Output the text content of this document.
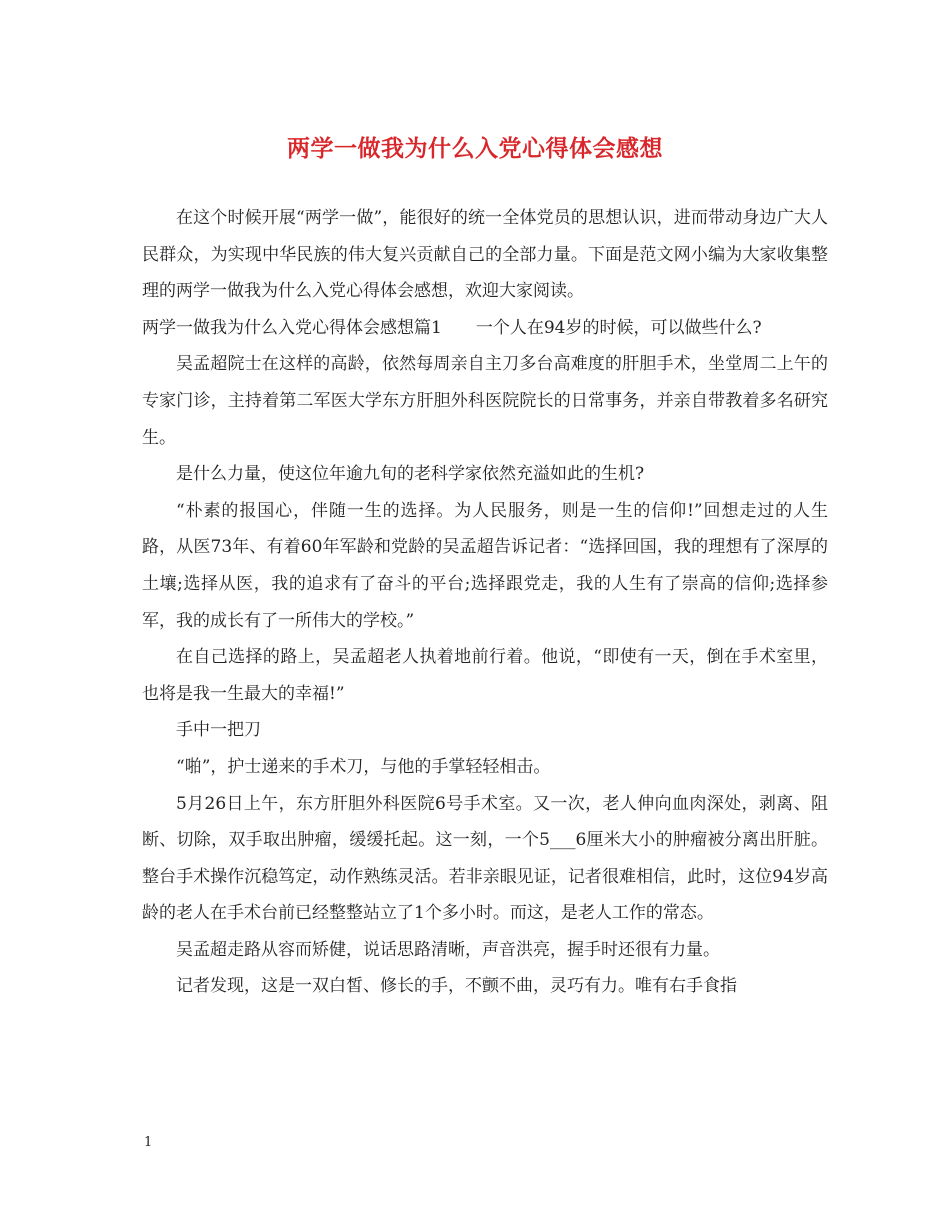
两学一做我为什么入党心得体会感想

在这个时候开展“两学一做”，能很好的统一全体党员的思想认识，进而带动身边广大人民群众，为实现中华民族的伟大复兴贡献自己的全部力量。下面是范文网小编为大家收集整理的两学一做我为什么入党心得体会感想，欢迎大家阅读。

两学一做我为什么入党心得体会感想篇1　　一个人在94岁的时候，可以做些什么?

吴孟超院士在这样的高龄，依然每周亲自主刀多台高难度的肝胆手术，坐堂周二上午的专家门诊，主持着第二军医大学东方肝胆外科医院院长的日常事务，并亲自带教着多名研究生。

是什么力量，使这位年逾九旬的老科学家依然充溢如此的生机?

“朴素的报国心，伴随一生的选择。为人民服务，则是一生的信仰!”回想走过的人生路，从医73年、有着60年军龄和党龄的吴孟超告诉记者：“选择回国，我的理想有了深厚的土壤;选择从医，我的追求有了奋斗的平台;选择跟党走，我的人生有了崇高的信仰;选择参军，我的成长有了一所伟大的学校。”

在自己选择的路上，吴孟超老人执着地前行着。他说，“即使有一天，倒在手术室里，也将是我一生最大的幸福!”

手中一把刀

“啪”，护士递来的手术刀，与他的手掌轻轻相击。

5月26日上午，东方肝胆外科医院6号手术室。又一次，老人伸向血肉深处，剥离、阻断、切除，双手取出肿瘤，缓缓托起。这一刻，一个5___6厘米大小的肿瘤被分离出肝脏。整台手术操作沉稳笃定，动作熟练灵活。若非亲眼见证，记者很难相信，此时，这位94岁高龄的老人在手术台前已经整整站立了1个多小时。而这，是老人工作的常态。

吴孟超走路从容而矫健，说话思路清晰，声音洪亮，握手时还很有力量。

记者发现，这是一双白皙、修长的手，不颤不曲，灵巧有力。唯有右手食指

1
